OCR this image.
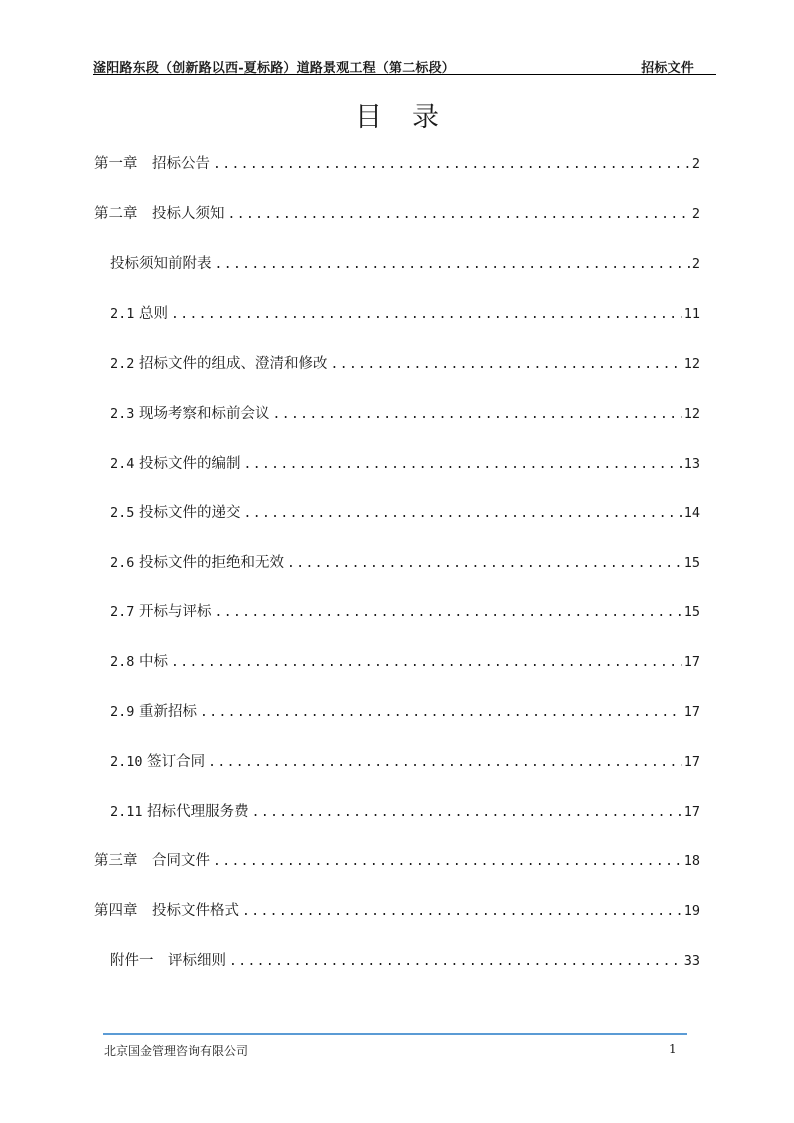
滏阳路东段（创新路以西-夏标路）道路景观工程（第二标段）	招标文件
目 录
第一章　招标公告 .....	2
第二章　投标人须知 .....	2
投标须知前附表 .....	2
2.1 总则 .....	11
2.2 招标文件的组成、澄清和修改 .....	12
2.3 现场考察和标前会议 .....	12
2.4 投标文件的编制 .....	13
2.5 投标文件的递交 .....	14
2.6 投标文件的拒绝和无效 .....	15
2.7 开标与评标 .....	15
2.8 中标 .....	17
2.9 重新招标 .....	17
2.10 签订合同 .....	17
2.11 招标代理服务费 .....	17
第三章　合同文件 .....	18
第四章　投标文件格式 .....	19
附件一　评标细则 .....	33
北京国金管理咨询有限公司	1
